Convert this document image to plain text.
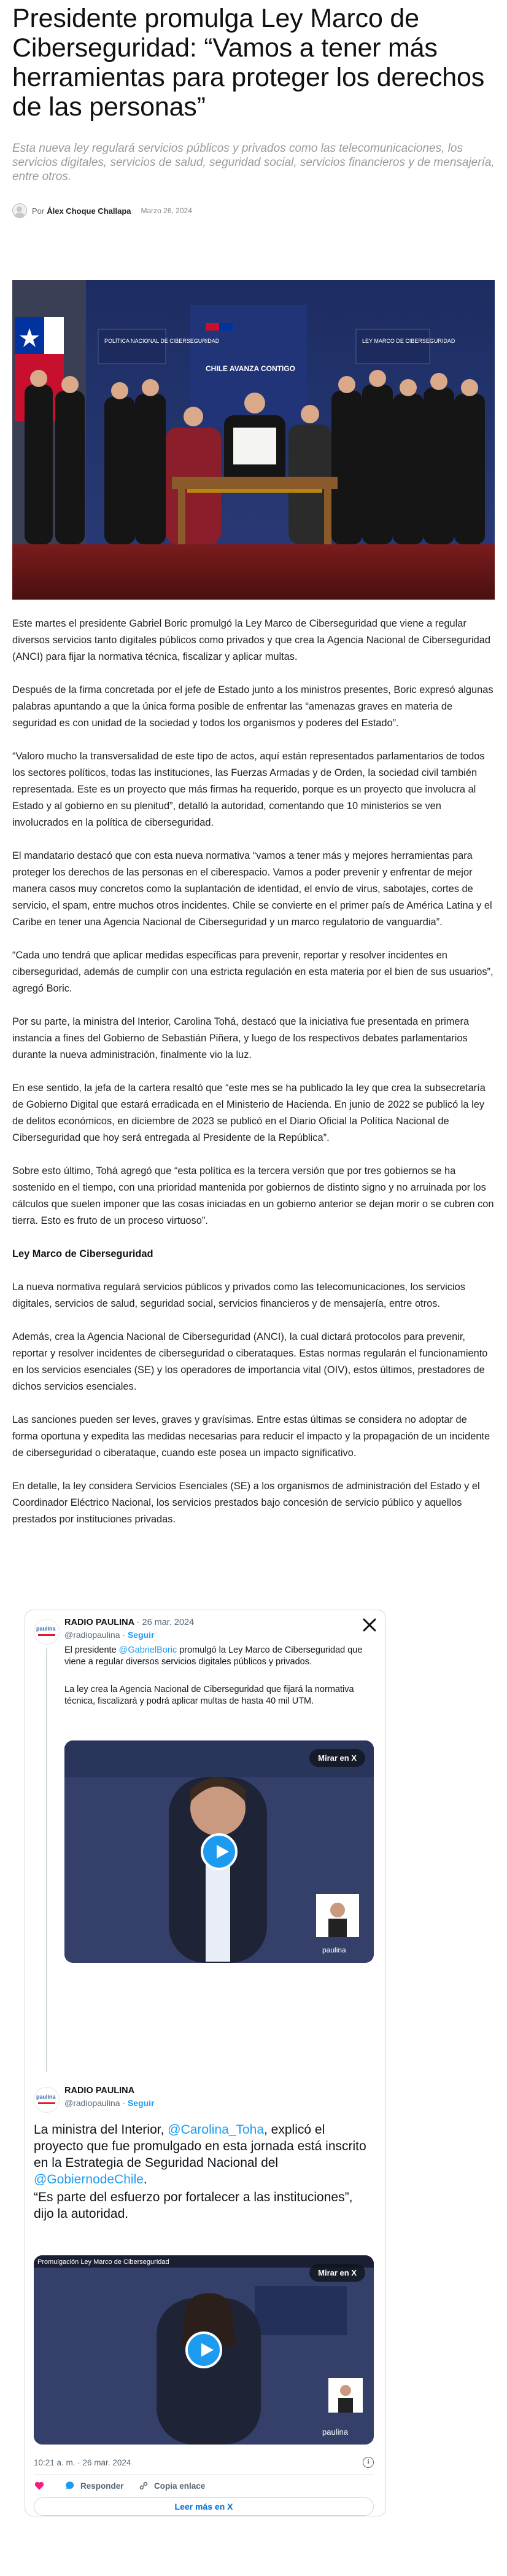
Presidente promulga Ley Marco de Ciberseguridad: “Vamos a tener más herramientas para proteger los derechos de las personas”

Esta nueva ley regulará servicios públicos y privados como las telecomunicaciones, los servicios digitales, servicios de salud, seguridad social, servicios financieros y de mensajería, entre otros.

Por Álex Choque Challapa Marzo 26, 2024
POLÍTICA NACIONAL DE CIBERSEGURIDAD
CHILE AVANZA CONTIGO
LEY MARCO DE CIBERSEGURIDAD

Este martes el presidente Gabriel Boric promulgó la Ley Marco de Ciberseguridad que viene a regular diversos servicios tanto digitales públicos como privados y que crea la Agencia Nacional de Ciberseguridad (ANCI) para fijar la normativa técnica, fiscalizar y aplicar multas.

Después de la firma concretada por el jefe de Estado junto a los ministros presentes, Boric expresó algunas palabras apuntando a que la única forma posible de enfrentar las “amenazas graves en materia de seguridad es con unidad de la sociedad y todos los organismos y poderes del Estado”.

“Valoro mucho la transversalidad de este tipo de actos, aquí están representados parlamentarios de todos los sectores políticos, todas las instituciones, las Fuerzas Armadas y de Orden, la sociedad civil también representada. Este es un proyecto que más firmas ha requerido, porque es un proyecto que involucra al Estado y al gobierno en su plenitud”, detalló la autoridad, comentando que 10 ministerios se ven involucrados en la política de ciberseguridad.

El mandatario destacó que con esta nueva normativa “vamos a tener más y mejores herramientas para proteger los derechos de las personas en el ciberespacio. Vamos a poder prevenir y enfrentar de mejor manera casos muy concretos como la suplantación de identidad, el envío de virus, sabotajes, cortes de servicio, el spam, entre muchos otros incidentes. Chile se convierte en el primer país de América Latina y el Caribe en tener una Agencia Nacional de Ciberseguridad y un marco regulatorio de vanguardia”.

“Cada uno tendrá que aplicar medidas específicas para prevenir, reportar y resolver incidentes en ciberseguridad, además de cumplir con una estricta regulación en esta materia por el bien de sus usuarios”, agregó Boric.

Por su parte, la ministra del Interior, Carolina Tohá, destacó que la iniciativa fue presentada en primera instancia a fines del Gobierno de Sebastián Piñera, y luego de los respectivos debates parlamentarios durante la nueva administración, finalmente vio la luz.

En ese sentido, la jefa de la cartera resaltó que “este mes se ha publicado la ley que crea la subsecretaría de Gobierno Digital que estará erradicada en el Ministerio de Hacienda. En junio de 2022 se publicó la ley de delitos económicos, en diciembre de 2023 se publicó en el Diario Oficial la Política Nacional de Ciberseguridad que hoy será entregada al Presidente de la República”.

Sobre esto último, Tohá agregó que “esta política es la tercera versión que por tres gobiernos se ha sostenido en el tiempo, con una prioridad mantenida por gobiernos de distinto signo y no arruinada por los cálculos que suelen imponer que las cosas iniciadas en un gobierno anterior se dejan morir o se cubren con tierra. Esto es fruto de un proceso virtuoso”.

Ley Marco de Ciberseguridad

La nueva normativa regulará servicios públicos y privados como las telecomunicaciones, los servicios digitales, servicios de salud, seguridad social, servicios financieros y de mensajería, entre otros.

Además, crea la Agencia Nacional de Ciberseguridad (ANCI), la cual dictará protocolos para prevenir, reportar y resolver incidentes de ciberseguridad o ciberataques. Estas normas regularán el funcionamiento en los servicios esenciales (SE) y los operadores de importancia vital (OIV), estos últimos, prestadores de dichos servicios esenciales.

Las sanciones pueden ser leves, graves y gravísimas. Entre estas últimas se considera no adoptar de forma oportuna y expedita las medidas necesarias para reducir el impacto y la propagación de un incidente de ciberseguridad o ciberataque, cuando este posea un impacto significativo.

En detalle, la ley considera Servicios Esenciales (SE) a los organismos de administración del Estado y el Coordinador Eléctrico Nacional, los servicios prestados bajo concesión de servicio público y aquellos prestados por instituciones privadas.

paulina
RADIO PAULINA · 26 mar. 2024
@radiopaulina · Seguir

El presidente @GabrielBoric promulgó la Ley Marco de Ciberseguridad que viene a regular diversos servicios digitales públicos y privados.

La ley crea la Agencia Nacional de Ciberseguridad que fijará la normativa técnica, fiscalizará y podrá aplicar multas de hasta 40 mil UTM.

paulina
Mirar en X
paulina
RADIO PAULINA
@radiopaulina · Seguir

La ministra del Interior, @Carolina_Toha, explicó el proyecto que fue promulgado en esta jornada está inscrito en la Estrategia de Seguridad Nacional del @GobiernodeChile.

“Es parte del esfuerzo por fortalecer a las instituciones”, dijo la autoridad.

Promulgación Ley Marco de Ciberseguridad
paulina
Mirar en X
10:21 a. m. · 26 mar. 2024	i
Responder	Copia enlace
Leer más en X
